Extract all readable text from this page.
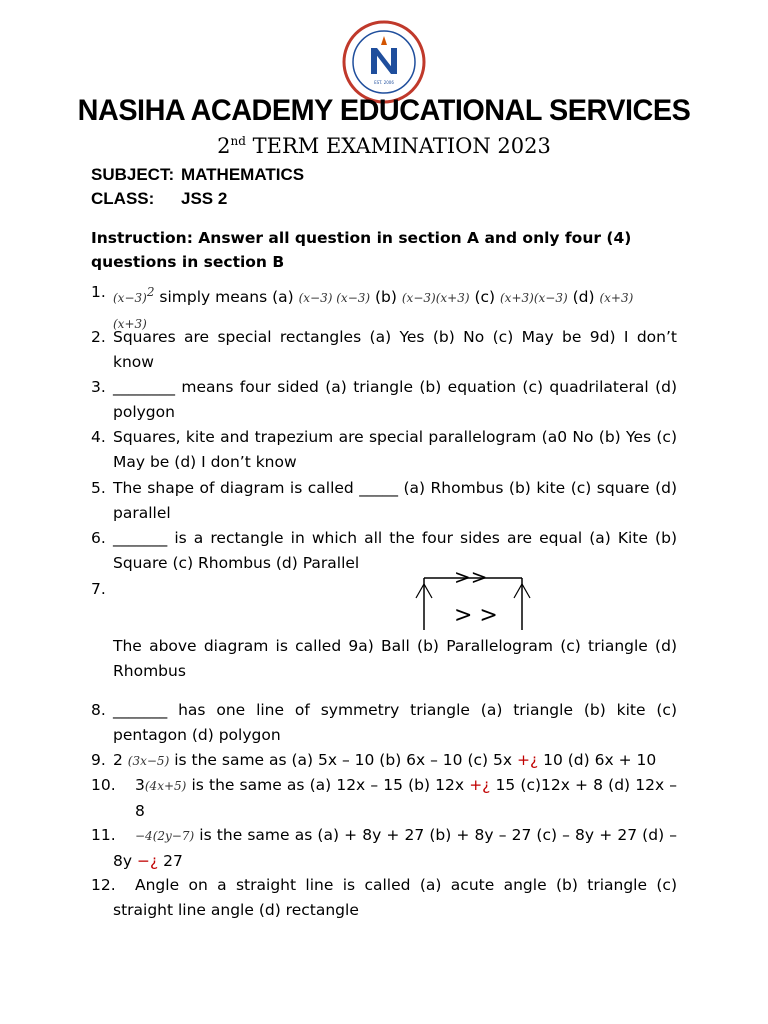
EST. 2006
NASIHA ACADEMY EDUCATIONAL SERVICES
2nd TERM EXAMINATION 2023
SUBJECT: MATHEMATICS
CLASS: JSS 2
Instruction: Answer all question in section A and only four (4) questions in section B
1. $(x-3)^2$ simply means (a) (x−3) (x−3) (b) (x−3)(x+3) (c) (x+3)(x−3) (d) (x+3)
(x+3)
2. Squares are special rectangles (a) Yes (b) No (c) May be 9d) I don’t know
3. ________ means four sided (a) triangle (b) equation (c) quadrilateral (d) polygon
4. Squares, kite and trapezium are special parallelogram (a0 No (b) Yes (c) May be (d) I don’t know
5. The shape of diagram is called _____ (a) Rhombus (b) kite (c) square (d) parallel
6. _______ is a rectangle in which all the four sides are equal (a) Kite (b) Square (c) Rhombus (d) Parallel
7.	>>
> >
The above diagram is called 9a) Ball (b) Parallelogram (c) triangle (d) Rhombus
8. _______ has one line of symmetry triangle (a) triangle (b) kite (c) pentagon (d) polygon
9. 2 (3x−5) is the same as (a) 5x – 10 (b) 6x – 10 (c) 5x +¿ 10 (d) 6x + 10
10. 3(4x+5) is the same as (a) 12x – 15 (b) 12x +¿ 15 (c)12x + 8 (d) 12x – 8
11.	−4(2y−7) is the same as (a) + 8y + 27 (b) + 8y – 27 (c) – 8y + 27 (d) – 8y −¿ 27
12.	Angle on a straight line is called (a) acute angle (b) triangle (c) straight line angle (d) rectangle
